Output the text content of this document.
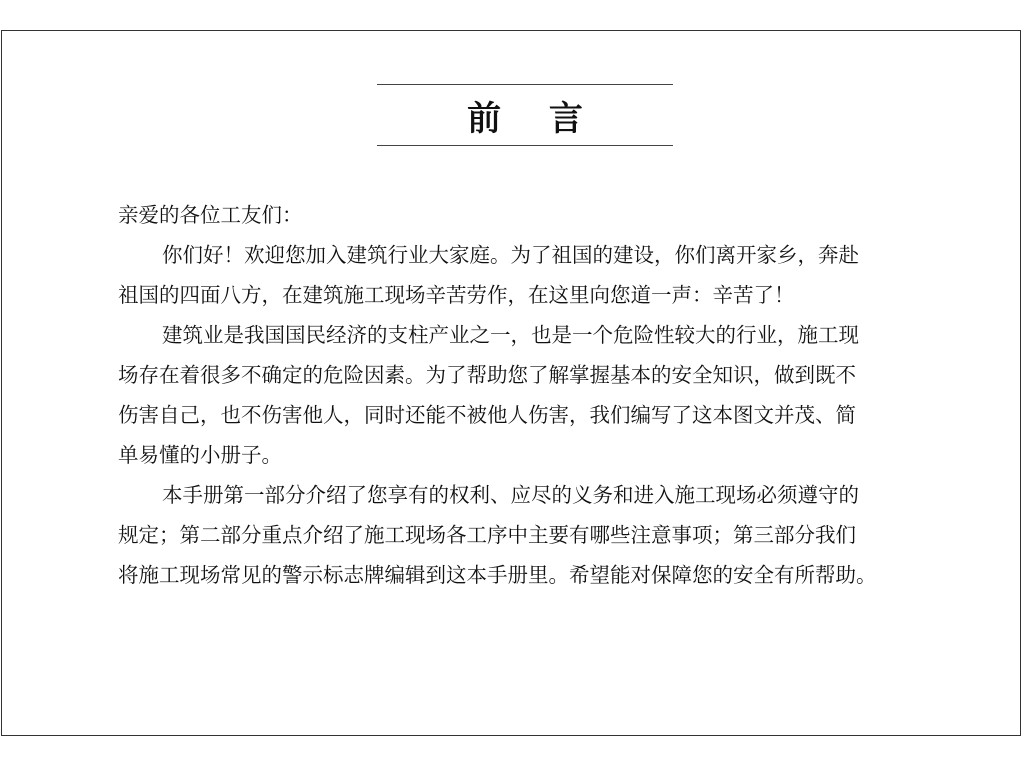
前 言
亲爱的各位工友们：
你们好！欢迎您加入建筑行业大家庭。为了祖国的建设，你们离开家乡，奔赴
祖国的四面八方，在建筑施工现场辛苦劳作，在这里向您道一声：辛苦了！
建筑业是我国国民经济的支柱产业之一，也是一个危险性较大的行业，施工现
场存在着很多不确定的危险因素。为了帮助您了解掌握基本的安全知识，做到既不
伤害自己，也不伤害他人，同时还能不被他人伤害，我们编写了这本图文并茂、简
单易懂的小册子。
本手册第一部分介绍了您享有的权利、应尽的义务和进入施工现场必须遵守的
规定；第二部分重点介绍了施工现场各工序中主要有哪些注意事项；第三部分我们
将施工现场常见的警示标志牌编辑到这本手册里。希望能对保障您的安全有所帮助。
